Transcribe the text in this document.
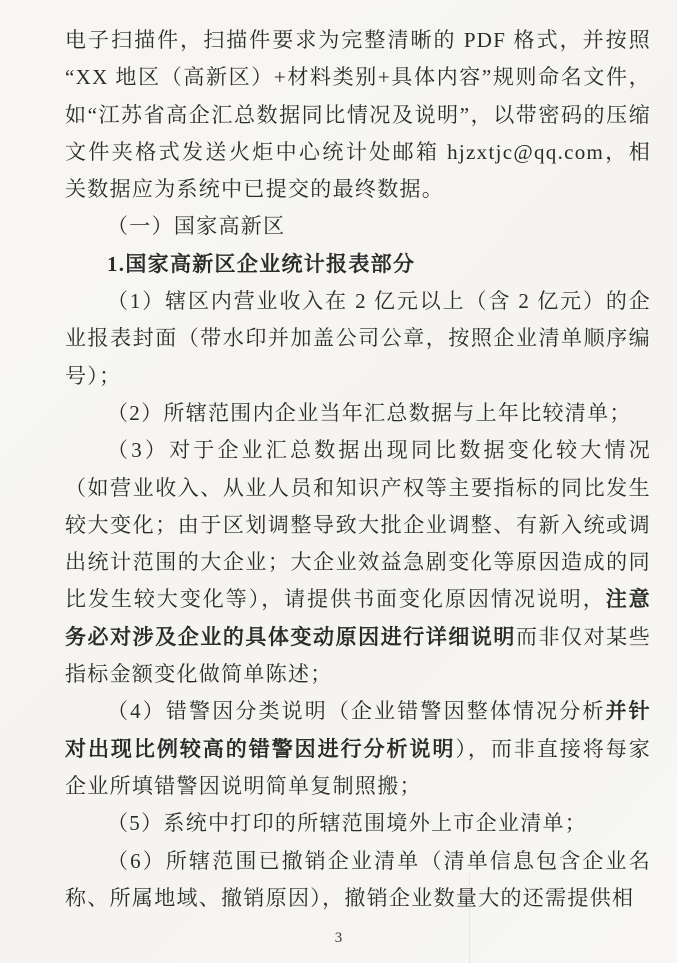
电子扫描件，扫描件要求为完整清晰的 PDF 格式，并按照“XX 地区（高新区）+材料类别+具体内容”规则命名文件，如“江苏省高企汇总数据同比情况及说明”，以带密码的压缩文件夹格式发送火炬中心统计处邮箱 hjzxtjc@qq.com，相关数据应为系统中已提交的最终数据。

（一）国家高新区

1.国家高新区企业统计报表部分

（1）辖区内营业收入在 2 亿元以上（含 2 亿元）的企业报表封面（带水印并加盖公司公章，按照企业清单顺序编号）；

（2）所辖范围内企业当年汇总数据与上年比较清单；

（3）对于企业汇总数据出现同比数据变化较大情况（如营业收入、从业人员和知识产权等主要指标的同比发生较大变化；由于区划调整导致大批企业调整、有新入统或调出统计范围的大企业；大企业效益急剧变化等原因造成的同比发生较大变化等），请提供书面变化原因情况说明，注意务必对涉及企业的具体变动原因进行详细说明而非仅对某些指标金额变化做简单陈述；

（4）错警因分类说明（企业错警因整体情况分析并针对出现比例较高的错警因进行分析说明），而非直接将每家企业所填错警因说明简单复制照搬；

（5）系统中打印的所辖范围境外上市企业清单；

（6）所辖范围已撤销企业清单（清单信息包含企业名称、所属地域、撤销原因），撤销企业数量大的还需提供相

3
